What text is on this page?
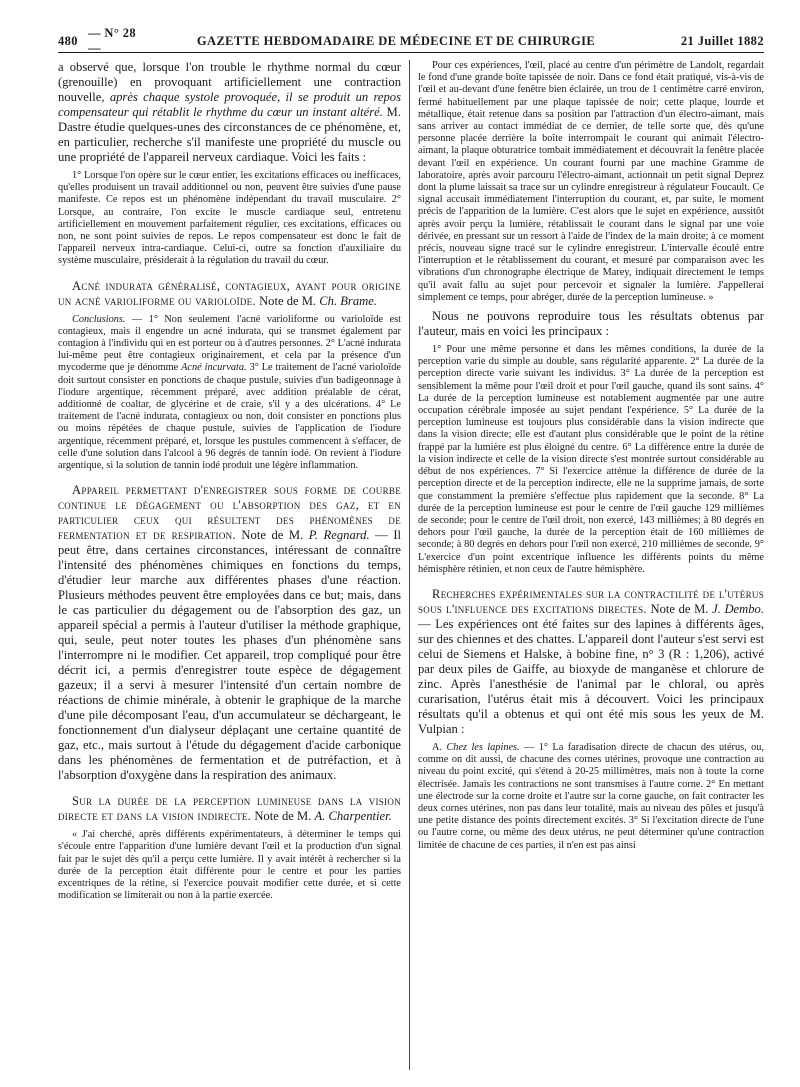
480
— N° 28 —
GAZETTE HEBDOMADAIRE DE MÉDECINE ET DE CHIRURGIE	21 Juillet 1882

a observé que, lorsque l'on trouble le rhythme normal du cœur (grenouille) en provoquant artificiellement une contraction nouvelle, après chaque systole provoquée, il se produit un repos compensateur qui rétablit le rhythme du cœur un instant altéré. M. Dastre étudie quelques-unes des circonstances de ce phénomène, et, en particulier, recherche s'il manifeste une propriété du muscle ou une propriété de l'appareil nerveux cardiaque. Voici les faits :

1° Lorsque l'on opère sur le cœur entier, les excitations efficaces ou inefficaces, qu'elles produisent un travail additionnel ou non, peuvent être suivies d'une pause manifeste. Ce repos est un phénomène indépendant du travail musculaire. 2° Lorsque, au contraire, l'on excite le muscle cardiaque seul, entretenu artificiellement en mouvement parfaitement régulier, ces excitations, efficaces ou non, ne sont point suivies de repos. Le repos compensateur est donc le fait de l'appareil nerveux intra-cardiaque. Celui-ci, outre sa fonction d'auxiliaire du système musculaire, présiderait à la régulation du travail du cœur.

Acné indurata généralisé, contagieux, ayant pour origine un acné varioliforme ou variolоïde. Note de M. Ch. Brame.

Conclusions. — 1° Non seulement l'acné varioliforme ou varioloïde est contagieux, mais il engendre un acné indurata, qui se transmet également par contagion à l'individu qui en est porteur ou à d'autres personnes. 2° L'acné indurata lui-même peut être contagieux originairement, et cela par la présence d'un mycoderme que je dénomme Acné incurvata. 3° Le traitement de l'acné varioloïde doit surtout consister en ponctions de chaque pustule, suivies d'un badigeonnage à l'iodure argentique, récemment préparé, avec addition préalable de cérat, additionné de coaltar, de glycérine et de craie, s'il y a des ulcérations. 4° Le traitement de l'acné indurata, contagieux ou non, doit consister en ponctions plus ou moins répétées de chaque pustule, suivies de l'application de l'iodure argentique, récemment préparé, et, lorsque les pustules commencent à s'effacer, de celle d'une solution dans l'alcool à 96 degrés de tannin iodé. On revient à l'iodure argentique, si la solution de tannin iodé produit une légère inflammation.

Appareil permettant d'enregistrer sous forme de courbe continue le dégagement ou l'absorption des gaz, et en particulier ceux qui résultent des phénomènes de fermentation et de respiration. Note de M. P. Regnard. — Il peut être, dans certaines circonstances, intéressant de connaître l'intensité des phénomènes chimiques en fonctions du temps, d'étudier leur marche aux différentes phases d'une réaction. Plusieurs méthodes peuvent être employées dans ce but; mais, dans le cas particulier du dégagement ou de l'absorption des gaz, un appareil spécial a permis à l'auteur d'utiliser la méthode graphique, qui, seule, peut noter toutes les phases d'un phénomène sans l'interrompre ni le modifier. Cet appareil, trop compliqué pour être décrit ici, a permis d'enregistrer toute espèce de dégagement gazeux; il a servi à mesurer l'intensité d'un certain nombre de réactions de chimie minérale, à obtenir le graphique de la marche d'une pile décomposant l'eau, d'un accumulateur se déchargeant, le fonctionnement d'un dialyseur déplaçant une certaine quantité de gaz, etc., mais surtout à l'étude du dégagement d'acide carbonique dans les phénomènes de fermentation et de putréfaction, et à l'absorption d'oxygène dans la respiration des animaux.

Sur la durée de la perception lumineuse dans la vision directe et dans la vision indirecte. Note de M. A. Charpentier.

« J'ai cherché, après différents expérimentateurs, à déterminer le temps qui s'écoule entre l'apparition d'une lumière devant l'œil et la production d'un signal fait par le sujet dès qu'il a perçu cette lumière. Il y avait intérêt à rechercher si la durée de la perception était différente pour le centre et pour les parties excentriques de la rétine, si l'exercice pouvait modifier cette durée, et si cette modification se limiterait ou non à la partie exercée.

Pour ces expériences, l'œil, placé au centre d'un périmètre de Landolt, regardait le fond d'une grande boîte tapissée de noir. Dans ce fond était pratiqué, vis-à-vis de l'œil et au-devant d'une fenêtre bien éclairée, un trou de 1 centimètre carré environ, fermé habituellement par une plaque tapissée de noir; cette plaque, lourde et métallique, était retenue dans sa position par l'attraction d'un électro-aimant, mais sans arriver au contact immédiat de ce dernier, de telle sorte que, dès qu'une personne placée derrière la boîte interrompait le courant qui animait l'électro-aimant, la plaque obturatrice tombait immédiatement et découvrait la fenêtre placée devant l'œil en expérience. Un courant fourni par une machine Gramme de laboratoire, après avoir parcouru l'électro-aimant, actionnait un petit signal Deprez dont la plume laissait sa trace sur un cylindre enregistreur à régulateur Foucault. Ce signal accusait immédiatement l'interruption du courant, et, par suite, le moment précis de l'apparition de la lumière. C'est alors que le sujet en expérience, aussitôt après avoir perçu la lumière, rétablissait le courant dans le signal par une voie dérivée, en pressant sur un ressort à l'aide de l'index de la main droite; à ce moment précis, nouveau signe tracé sur le cylindre enregistreur. L'intervalle écoulé entre l'interruption et le rétablissement du courant, et mesuré par comparaison avec les vibrations d'un chronographe électrique de Marey, indiquait directement le temps qu'il avait fallu au sujet pour percevoir et signaler la lumière. J'appellerai simplement ce temps, pour abréger, durée de la perception lumineuse. »

Nous ne pouvons reproduire tous les résultats obtenus par l'auteur, mais en voici les principaux :

1° Pour une même personne et dans les mêmes conditions, la durée de la perception varie du simple au double, sans régularité apparente. 2° La durée de la perception directe varie suivant les individus. 3° La durée de la perception est sensiblement la même pour l'œil droit et pour l'œil gauche, quand ils sont sains. 4° La durée de la perception lumineuse est notablement augmentée par une autre occupation cérébrale imposée au sujet pendant l'expérience. 5° La durée de la perception lumineuse est toujours plus considérable dans la vision indirecte que dans la vision directe; elle est d'autant plus considérable que le point de la rétine frappé par la lumière est plus éloigné du centre. 6° La différence entre la durée de la vision indirecte et celle de la vision directe s'est montrée surtout considérable au début de nos expériences. 7° Si l'exercice atténue la différence de durée de la perception directe et de la perception indirecte, elle ne la supprime jamais, de sorte que constamment la première s'effectue plus rapidement que la seconde. 8° La durée de la perception lumineuse est pour le centre de l'œil gauche 129 millièmes de seconde; pour le centre de l'œil droit, non exercé, 143 millièmes; à 80 degrés en dehors pour l'œil gauche, la durée de la perception était de 160 millièmes de seconde; à 80 degrés en dehors pour l'œil non exercé, 210 millièmes de seconde. 9° L'exercice d'un point excentrique influence les différents points du même hémisphère rétinien, et non ceux de l'autre hémisphère.

Recherches expérimentales sur la contractilité de l'utérus sous l'influence des excitations directes. Note de M. J. Dembo. — Les expériences ont été faites sur des lapines à différents âges, sur des chiennes et des chattes. L'appareil dont l'auteur s'est servi est celui de Siemens et Halske, à bobine fine, n° 3 (R : 1,206), activé par deux piles de Gaiffe, au bioxyde de manganèse et chlorure de zinc. Après l'anesthésie de l'animal par le chloral, ou après curarisation, l'utérus était mis à découvert. Voici les principaux résultats qu'il a obtenus et qui ont été mis sous les yeux de M. Vulpian :

A. Chez les lapines. — 1° La faradisation directe de chacun des utérus, ou, comme on dit aussi, de chacune des cornes utérines, provoque une contraction au niveau du point excité, qui s'étend à 20-25 millimètres, mais non à toute la corne électrisée. Jamais les contractions ne sont transmises à l'autre corne. 2° En mettant une électrode sur la corne droite et l'autre sur la corne gauche, on fait contracter les deux cornes utérines, non pas dans leur totalité, mais au niveau des pôles et jusqu'à une petite distance des points directement excités. 3° Si l'excitation directe de l'une ou l'autre corne, ou même des deux utérus, ne peut déterminer qu'une contraction limitée de chacune de ces parties, il n'en est pas ainsi
